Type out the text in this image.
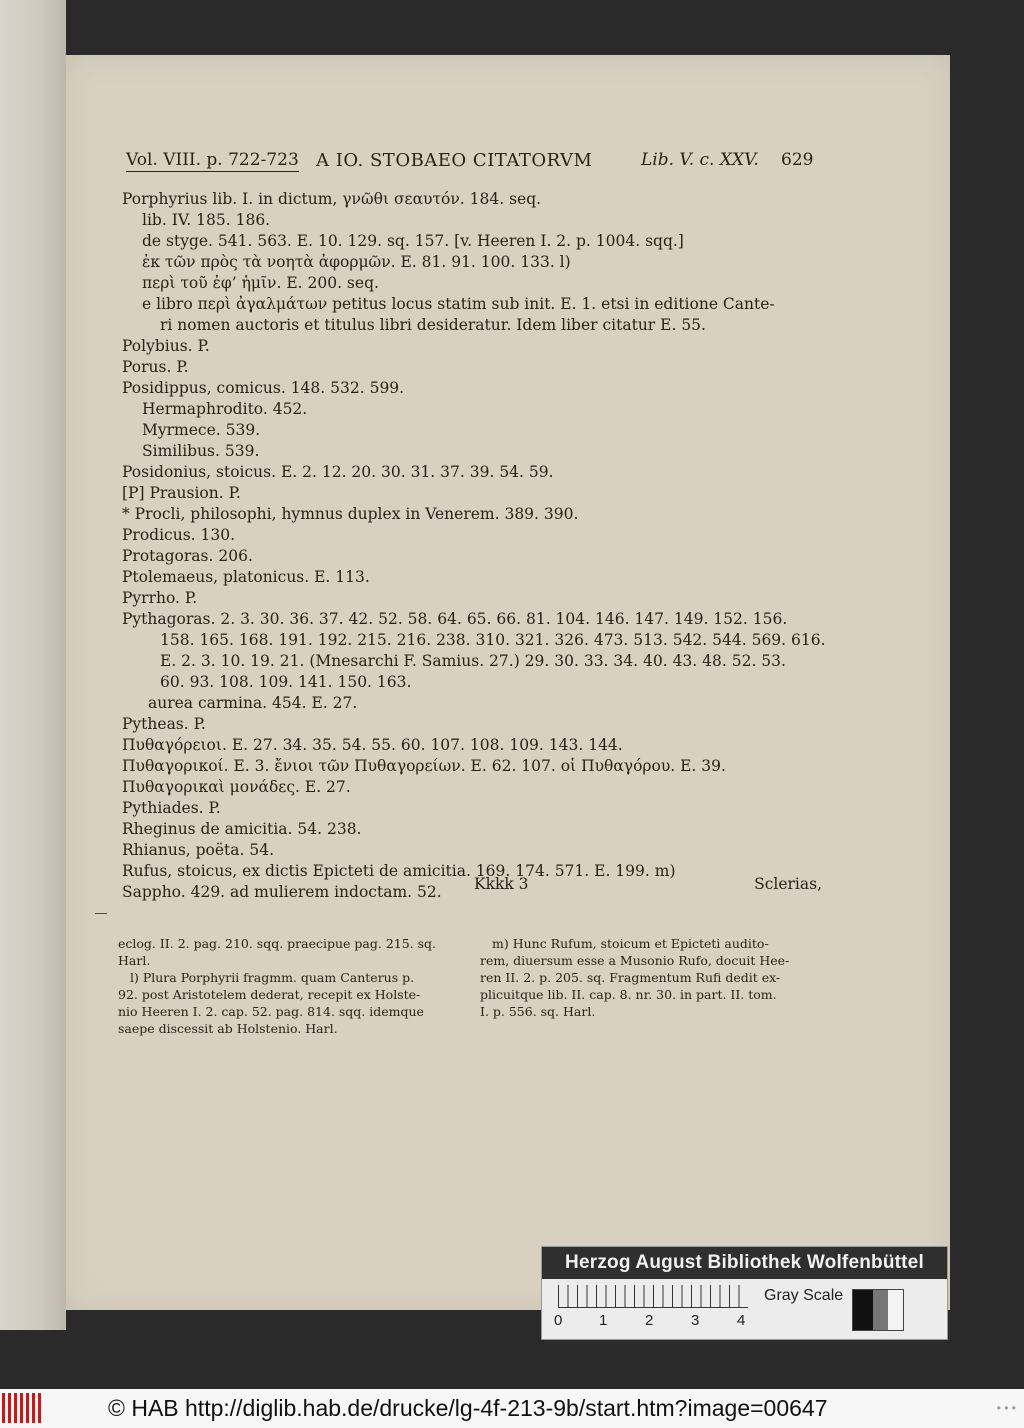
Vol. VIII. p. 722-723 A IO. STOBAEO CITATORVM	Lib. V. c. XXV. 629
Porphyrius lib. I. in dictum, γνῶθι σεαυτόν. 184. seq.
lib. IV. 185. 186.
de styge. 541. 563. E. 10. 129. sq. 157. [v. Heeren I. 2. p. 1004. sqq.]
ἐκ τῶν πρὸς τὰ νοητὰ ἀφορμῶν. E. 81. 91. 100. 133. l)
περὶ τοῦ ἐφ’ ἡμῖν. E. 200. seq.
e libro περὶ ἀγαλμάτων petitus locus statim sub init. E. 1. etsi in editione Cante-
ri nomen auctoris et titulus libri desideratur. Idem liber citatur E. 55.
Polybius. P.
Porus. P.
Posidippus, comicus. 148. 532. 599.
Hermaphrodito. 452.
Myrmece. 539.
Similibus. 539.
Posidonius, stoicus. E. 2. 12. 20. 30. 31. 37. 39. 54. 59.
[P] Prausion. P.
* Procli, philosophi, hymnus duplex in Venerem. 389. 390.
Prodicus. 130.
Protagoras. 206.
Ptolemaeus, platonicus. E. 113.
Pyrrho. P.
Pythagoras. 2. 3. 30. 36. 37. 42. 52. 58. 64. 65. 66. 81. 104. 146. 147. 149. 152. 156.
158. 165. 168. 191. 192. 215. 216. 238. 310. 321. 326. 473. 513. 542. 544. 569. 616.
E. 2. 3. 10. 19. 21. (Mnesarchi F. Samius. 27.) 29. 30. 33. 34. 40. 43. 48. 52. 53.
60. 93. 108. 109. 141. 150. 163.
aurea carmina. 454. E. 27.
Pytheas. P.
Πυθαγόρειοι. E. 27. 34. 35. 54. 55. 60. 107. 108. 109. 143. 144.
Πυθαγορικοί. E. 3. ἔνιοι τῶν Πυθαγορείων. E. 62. 107. οἱ Πυθαγόρου. E. 39.
Πυθαγορικαὶ μονάδες. E. 27.
Pythiades. P.
Rheginus de amicitia. 54. 238.
Rhianus, poëta. 54.
Rufus, stoicus, ex dictis Epicteti de amicitia. 169. 174. 571. E. 199. m)
Sappho. 429. ad mulierem indoctam. 52.	Kkkk 3	Sclerias,
eclog. II. 2. pag. 210. sqq. praecipue pag. 215. sq.
Harl.
l) Plura Porphyrii fragmm. quam Canterus p.
92. post Aristotelem dederat, recepit ex Holste-
nio Heeren I. 2. cap. 52. pag. 814. sqq. idemque
saepe discessit ab Holstenio. Harl.
m) Hunc Rufum, stoicum et Epicteti audito-
rem, diuersum esse a Musonio Rufo, docuit Hee-
ren II. 2. p. 205. sq. Fragmentum Rufi dedit ex-
plicuitque lib. II. cap. 8. nr. 30. in part. II. tom.
I. p. 556. sq. Harl.
Herzog August Bibliothek Wolfenbüttel
0 1	2	3	4
Gray Scale
© HAB http://diglib.hab.de/drucke/lg-4f-213-9b/start.htm?image=00647	• • •
